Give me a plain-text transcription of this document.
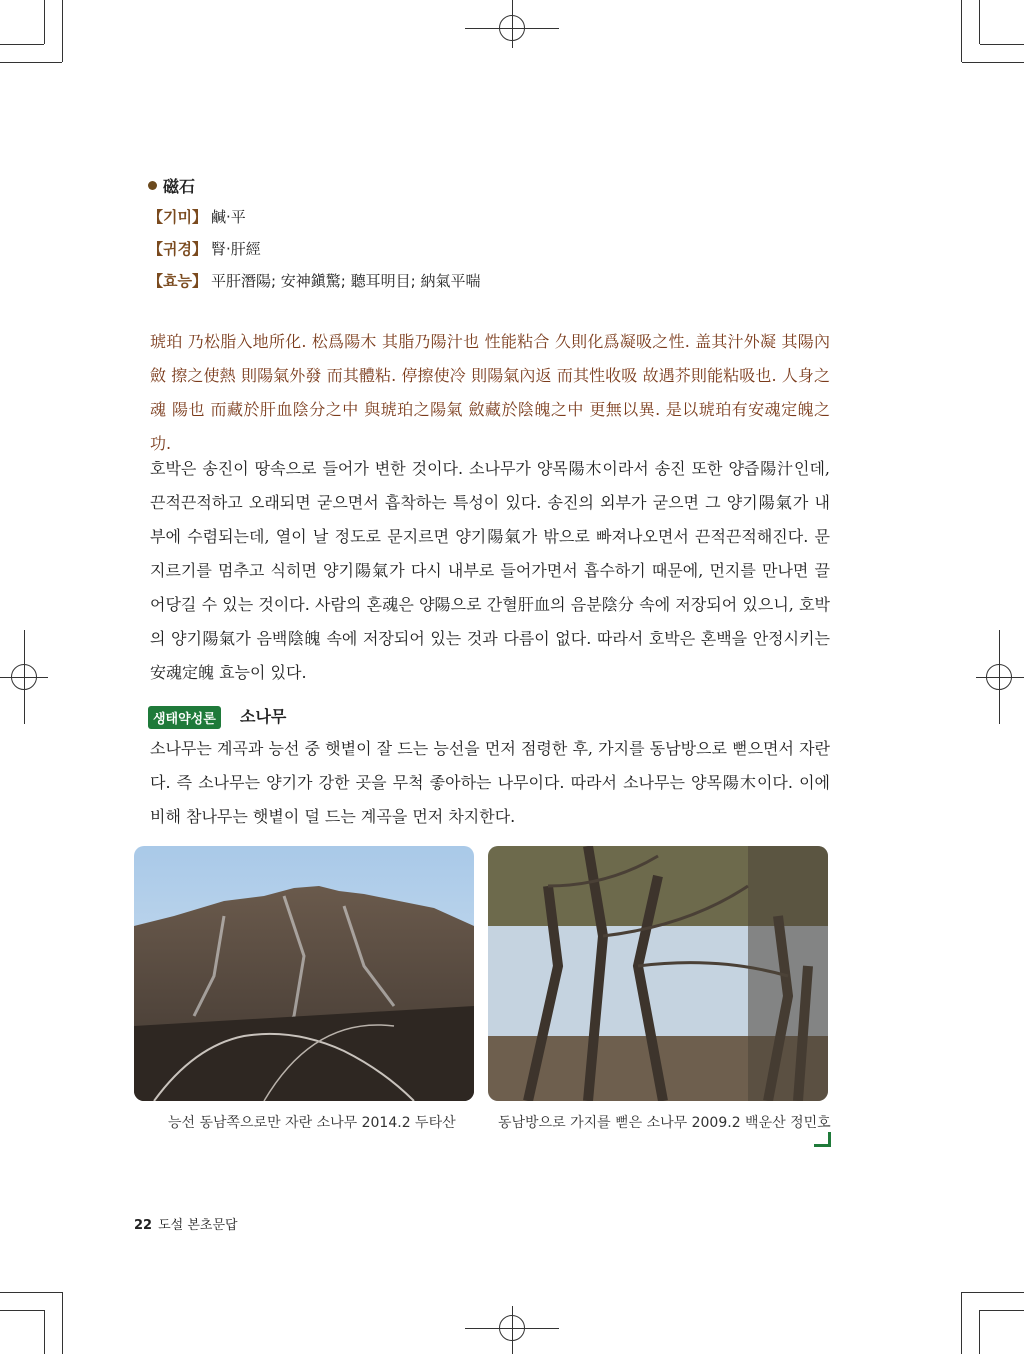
磁石
【기미】 鹹·平
【귀경】 腎·肝經
【효능】 平肝潛陽; 安神鎭驚; 聽耳明目; 納氣平喘
琥珀 乃松脂入地所化. 松爲陽木 其脂乃陽汁也 性能粘合 久則化爲凝吸之性. 盖其汁外凝 其陽內斂 擦之使熱 則陽氣外發 而其體粘. 停擦使冷 則陽氣內返 而其性收吸 故遇芥則能粘吸也. 人身之魂 陽也 而藏於肝血陰分之中 與琥珀之陽氣 斂藏於陰魄之中 更無以異. 是以琥珀有安魂定魄之功.
호박은 송진이 땅속으로 들어가 변한 것이다. 소나무가 양목陽木이라서 송진 또한 양즙陽汁인데, 끈적끈적하고 오래되면 굳으면서 흡착하는 특성이 있다. 송진의 외부가 굳으면 그 양기陽氣가 내부에 수렴되는데, 열이 날 정도로 문지르면 양기陽氣가 밖으로 빠져나오면서 끈적끈적해진다. 문지르기를 멈추고 식히면 양기陽氣가 다시 내부로 들어가면서 흡수하기 때문에, 먼지를 만나면 끌어당길 수 있는 것이다. 사람의 혼魂은 양陽으로 간혈肝血의 음분陰分 속에 저장되어 있으니, 호박의 양기陽氣가 음백陰魄 속에 저장되어 있는 것과 다름이 없다. 따라서 호박은 혼백을 안정시키는安魂定魄 효능이 있다.
생태약성론	소나무
소나무는 계곡과 능선 중 햇볕이 잘 드는 능선을 먼저 점령한 후, 가지를 동남방으로 뻗으면서 자란다. 즉 소나무는 양기가 강한 곳을 무척 좋아하는 나무이다. 따라서 소나무는 양목陽木이다. 이에 비해 참나무는 햇볕이 덜 드는 계곡을 먼저 차지한다.
능선 동남쪽으로만 자란 소나무 2014.2 두타산	동남방으로 가지를 뻗은 소나무 2009.2 백운산 정민호
22 도설 본초문답
